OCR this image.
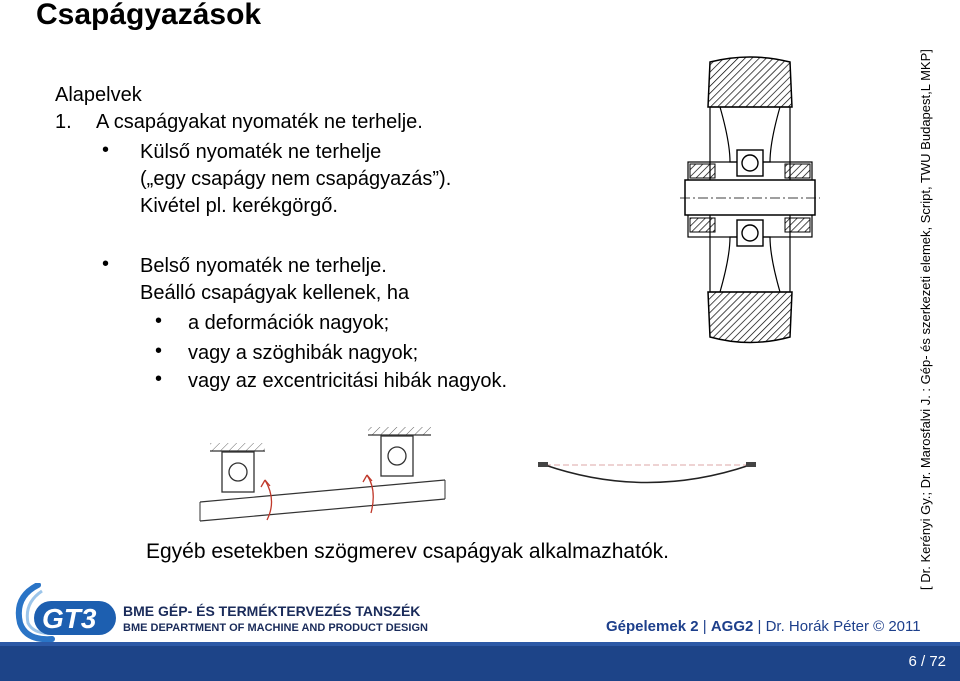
Csapágyazások
Alapelvek
1. A csapágyakat nyomaték ne terhelje.
• Külső nyomaték ne terhelje
(„egy csapágy nem csapágyazás”).
Kivétel pl. kerékgörgő.
• Belső nyomaték ne terhelje.
Beálló csapágyak kellenek, ha
• a deformációk nagyok;
• vagy a szöghibák nagyok;
• vagy az excentricitási hibák nagyok.
Egyéb esetekben szögmerev csapágyak alkalmazhatók.	[ Dr. Kerényi Gy.; Dr. Marosfalvi J. : Gép- és szerkezeti elemek, Script, TWU Budapest,L MKP]
GT3 BME GÉP- ÉS TERMÉKTERVEZÉS TANSZÉK
BME DEPARTMENT OF MACHINE AND PRODUCT DESIGN	Gépelemek 2 | AGG2 | Dr. Horák Péter © 2011
6 / 72
